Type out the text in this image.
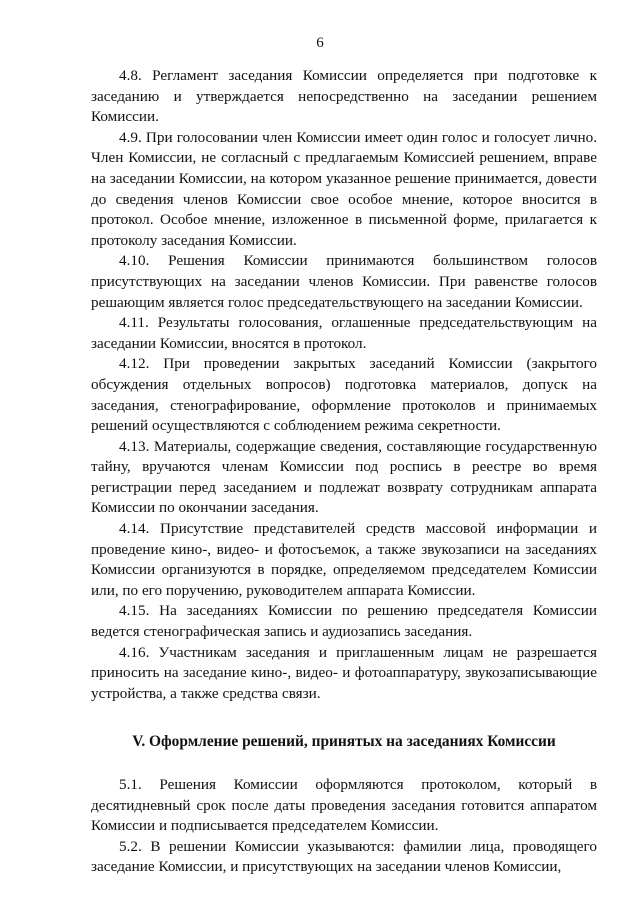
6

4.8. Регламент заседания Комиссии определяется при подготовке к заседанию и утверждается непосредственно на заседании решением Комиссии.

4.9. При голосовании член Комиссии имеет один голос и голосует лично. Член Комиссии, не согласный с предлагаемым Комиссией решением, вправе на заседании Комиссии, на котором указанное решение принимается, довести до сведения членов Комиссии свое особое мнение, которое вносится в протокол. Особое мнение, изложенное в письменной форме, прилагается к протоколу заседания Комиссии.

4.10. Решения Комиссии принимаются большинством голосов присутствующих на заседании членов Комиссии. При равенстве голосов решающим является голос председательствующего на заседании Комиссии.

4.11. Результаты голосования, оглашенные председательствующим на заседании Комиссии, вносятся в протокол.

4.12. При проведении закрытых заседаний Комиссии (закрытого обсуждения отдельных вопросов) подготовка материалов, допуск на заседания, стенографирование, оформление протоколов и принимаемых решений осуществляются с соблюдением режима секретности.

4.13. Материалы, содержащие сведения, составляющие государственную тайну, вручаются членам Комиссии под роспись в реестре во время регистрации перед заседанием и подлежат возврату сотрудникам аппарата Комиссии по окончании заседания.

4.14. Присутствие представителей средств массовой информации и проведение кино-, видео- и фотосъемок, а также звукозаписи на заседаниях Комиссии организуются в порядке, определяемом председателем Комиссии или, по его поручению, руководителем аппарата Комиссии.

4.15. На заседаниях Комиссии по решению председателя Комиссии ведется стенографическая запись и аудиозапись заседания.

4.16. Участникам заседания и приглашенным лицам не разрешается приносить на заседание кино-, видео- и фотоаппаратуру, звукозаписывающие устройства, а также средства связи.

V. Оформление решений, принятых на заседаниях Комиссии

5.1. Решения Комиссии оформляются протоколом, который в десятидневный срок после даты проведения заседания готовится аппаратом Комиссии и подписывается председателем Комиссии.

5.2. В решении Комиссии указываются: фамилии лица, проводящего заседание Комиссии, и присутствующих на заседании членов Комиссии,
